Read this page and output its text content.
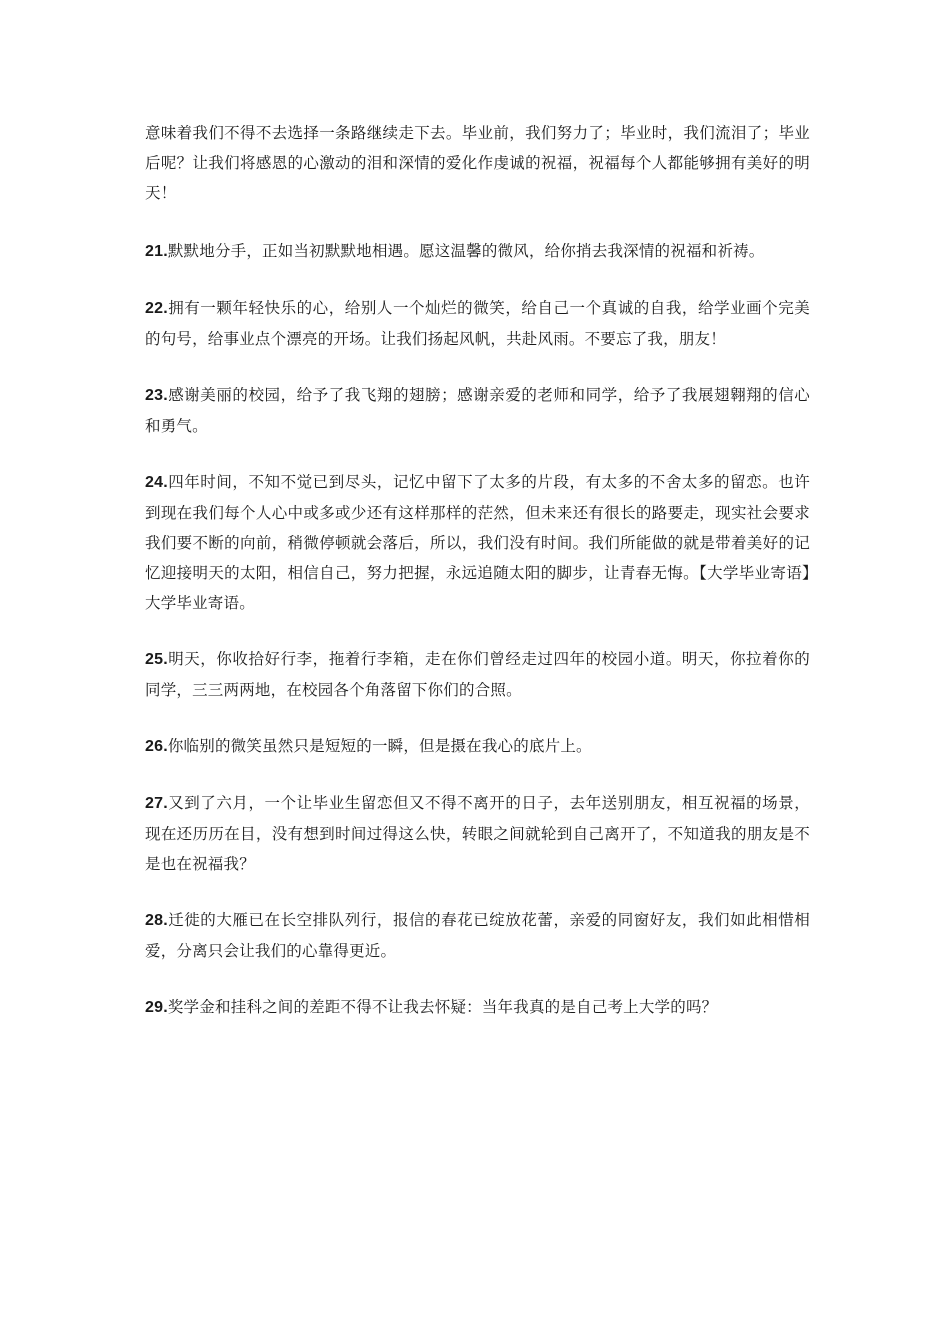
意味着我们不得不去选择一条路继续走下去。毕业前，我们努力了；毕业时，我们流泪了；毕业后呢？让我们将感恩的心激动的泪和深情的爱化作虔诚的祝福，祝福每个人都能够拥有美好的明天！

21.默默地分手，正如当初默默地相遇。愿这温馨的微风，给你捎去我深情的祝福和祈祷。

22.拥有一颗年轻快乐的心，给别人一个灿烂的微笑，给自己一个真诚的自我，给学业画个完美的句号，给事业点个漂亮的开场。让我们扬起风帆，共赴风雨。不要忘了我，朋友！

23.感谢美丽的校园，给予了我飞翔的翅膀；感谢亲爱的老师和同学，给予了我展翅翱翔的信心和勇气。

24.四年时间，不知不觉已到尽头，记忆中留下了太多的片段，有太多的不舍太多的留恋。也许到现在我们每个人心中或多或少还有这样那样的茫然，但未来还有很长的路要走，现实社会要求我们要不断的向前，稍微停顿就会落后，所以，我们没有时间。我们所能做的就是带着美好的记忆迎接明天的太阳，相信自己，努力把握，永远追随太阳的脚步，让青春无悔。【大学毕业寄语】大学毕业寄语。

25.明天，你收拾好行李，拖着行李箱，走在你们曾经走过四年的校园小道。明天，你拉着你的同学，三三两两地，在校园各个角落留下你们的合照。

26.你临别的微笑虽然只是短短的一瞬，但是摄在我心的底片上。

27.又到了六月，一个让毕业生留恋但又不得不离开的日子，去年送别朋友，相互祝福的场景，现在还历历在目，没有想到时间过得这么快，转眼之间就轮到自己离开了，不知道我的朋友是不是也在祝福我？

28.迁徙的大雁已在长空排队列行，报信的春花已绽放花蕾，亲爱的同窗好友，我们如此相惜相爱，分离只会让我们的心靠得更近。

29.奖学金和挂科之间的差距不得不让我去怀疑：当年我真的是自己考上大学的吗？
